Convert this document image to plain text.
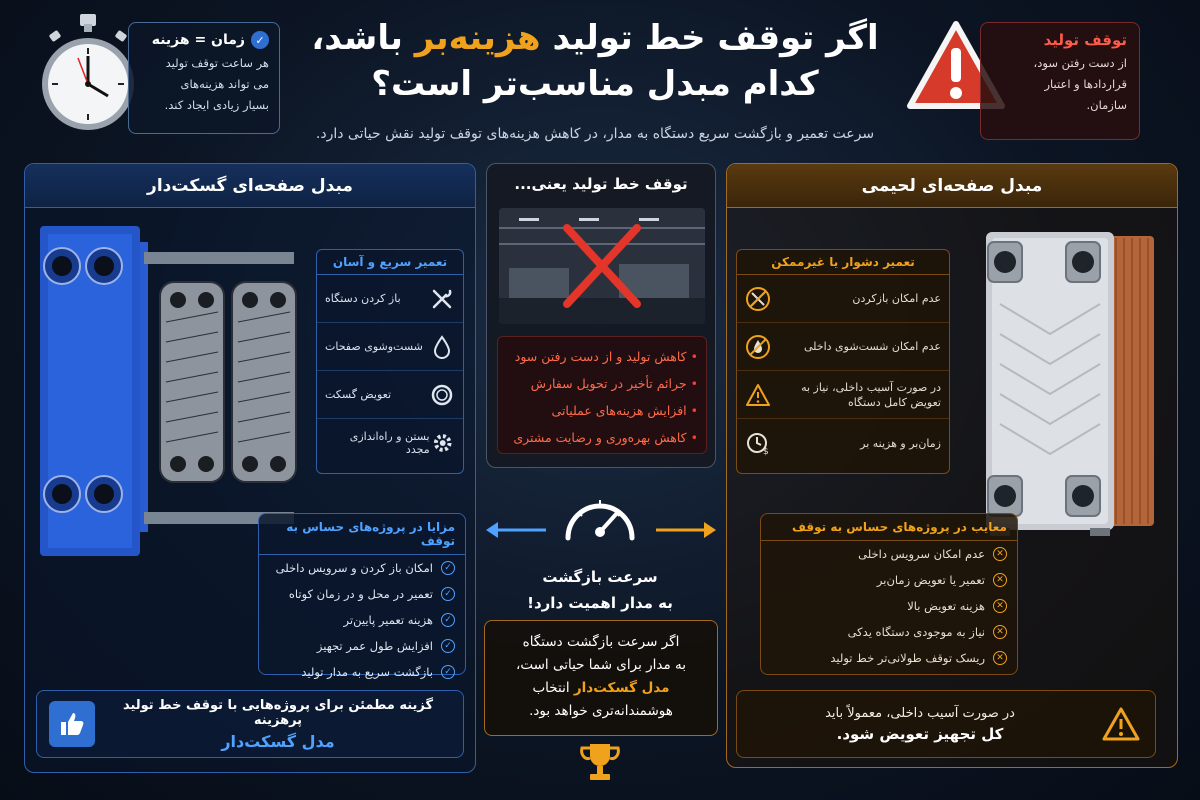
اگر توقف خط تولید هزینه‌بر باشد،
کدام مبدل مناسب‌تر است؟
سرعت تعمیر و بازگشت سریع دستگاه به مدار، در کاهش هزینه‌های توقف تولید نقش حیاتی دارد.
✓
زمان = هزینه
هر ساعت توقف تولید
می تواند هزینه‌های
بسیار زیادی ایجاد کند.
توقف تولید
از دست رفتن سود،
قراردادها و اعتبار
سازمان.
مبدل صفحه‌ای گسکت‌دار
تعمیر سریع و آسان
باز کردن دستگاه
شست‌وشوی صفحات
تعویض گسکت
بستن و راه‌اندازی مجدد
مزایا در پروژه‌های حساس به توقف
✓
امکان باز کردن و سرویس داخلی
✓
تعمیر در محل و در زمان کوتاه
✓
هزینه تعمیر پایین‌تر
✓
افزایش طول عمر تجهیز
✓
بازگشت سریع به مدار تولید
گزینه مطمئن برای پروژه‌هایی با توقف خط تولید پرهزینه
مدل گسکت‌دار
توقف خط تولید یعنی...
• کاهش تولید و از دست رفتن سود
• جرائم تأخیر در تحویل سفارش
• افزایش هزینه‌های عملیاتی
• کاهش بهره‌وری و رضایت مشتری
سرعت بازگشت
به مدار اهمیت دارد!
اگر سرعت بازگشت دستگاه
به مدار برای شما حیاتی است،
مدل گسکت‌دار انتخاب
هوشمندانه‌تری خواهد بود.
مبدل صفحه‌ای لحیمی
تعمیر دشوار یا غیرممکن
عدم امکان بازکردن
عدم امکان شست‌شوی داخلی
در صورت آسیب داخلی، نیاز به تعویض کامل دستگاه
زمان‌بر و هزینه بر
$
معایب در پروژه‌های حساس به توقف
✕
عدم امکان سرویس داخلی
✕
تعمیر یا تعویض زمان‌بر
✕
هزینه تعویض بالا
✕
نیاز به موجودی دستگاه یدکی
✕
ریسک توقف طولانی‌تر خط تولید
در صورت آسیب داخلی، معمولاً باید
کل تجهیز تعویض شود.
